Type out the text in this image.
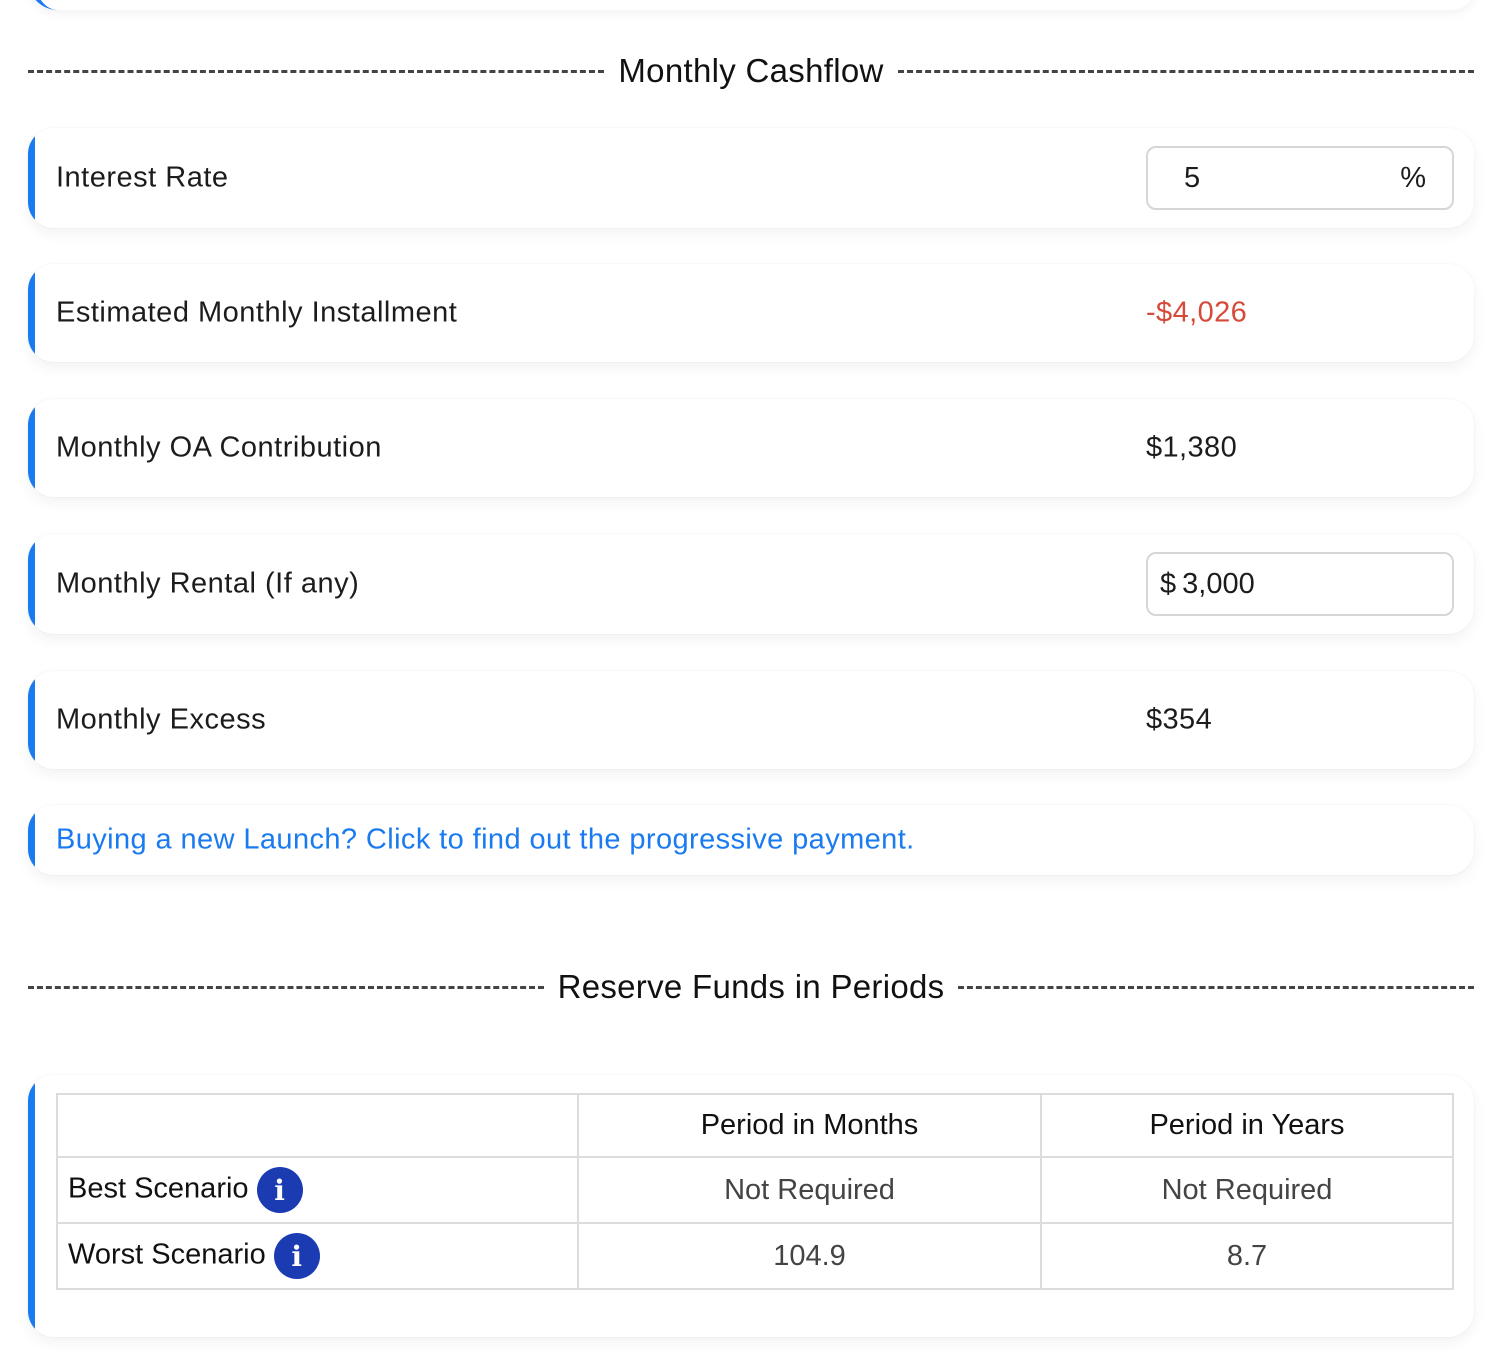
Monthly Cashflow
Interest Rate	5	%
Estimated Monthly Installment	-$4,026
Monthly OA Contribution	$1,380
Monthly Rental (If any)	$ 3,000
Monthly Excess	$354
Buying a new Launch? Click to find out the progressive payment.
Reserve Funds in Periods
	Period in Months	Period in Years
Best Scenario i	Not Required	Not Required
Worst Scenario i	104.9	8.7
